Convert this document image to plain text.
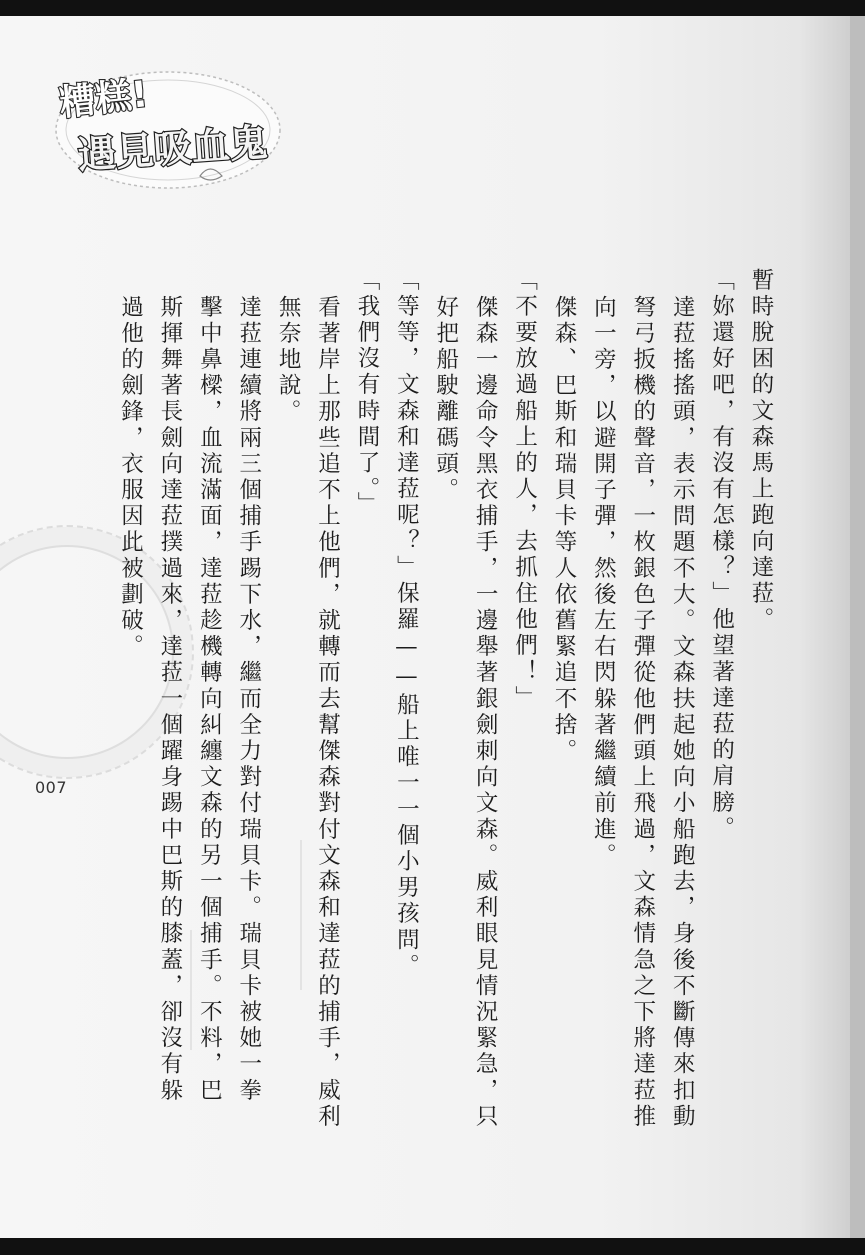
糟糕!
遇見吸血鬼

暫時脫困的文森馬上跑向達菈。

「妳還好吧，有沒有怎樣？」他望著達菈的肩膀。

達菈搖搖頭，表示問題不大。文森扶起她向小船跑去，身後不斷傳來扣動弩弓扳機的聲音，一枚銀色子彈從他們頭上飛過，文森情急之下將達菈推向一旁，以避開子彈，然後左右閃躲著繼續前進。

傑森、巴斯和瑞貝卡等人依舊緊追不捨。

「不要放過船上的人，去抓住他們！」

傑森一邊命令黑衣捕手，一邊舉著銀劍刺向文森。威利眼見情況緊急，只好把船駛離碼頭。

「等等，文森和達菈呢？」保羅——船上唯一一個小男孩問。

「我們沒有時間了。」

看著岸上那些追不上他們，就轉而去幫傑森對付文森和達菈的捕手，威利無奈地說。

達菈連續將兩三個捕手踢下水，繼而全力對付瑞貝卡。瑞貝卡被她一拳擊中鼻樑，血流滿面，達菈趁機轉向糾纏文森的另一個捕手。不料，巴斯揮舞著長劍向達菈撲過來，達菈一個躍身踢中巴斯的膝蓋，卻沒有躲過他的劍鋒，衣服因此被劃破。

007
